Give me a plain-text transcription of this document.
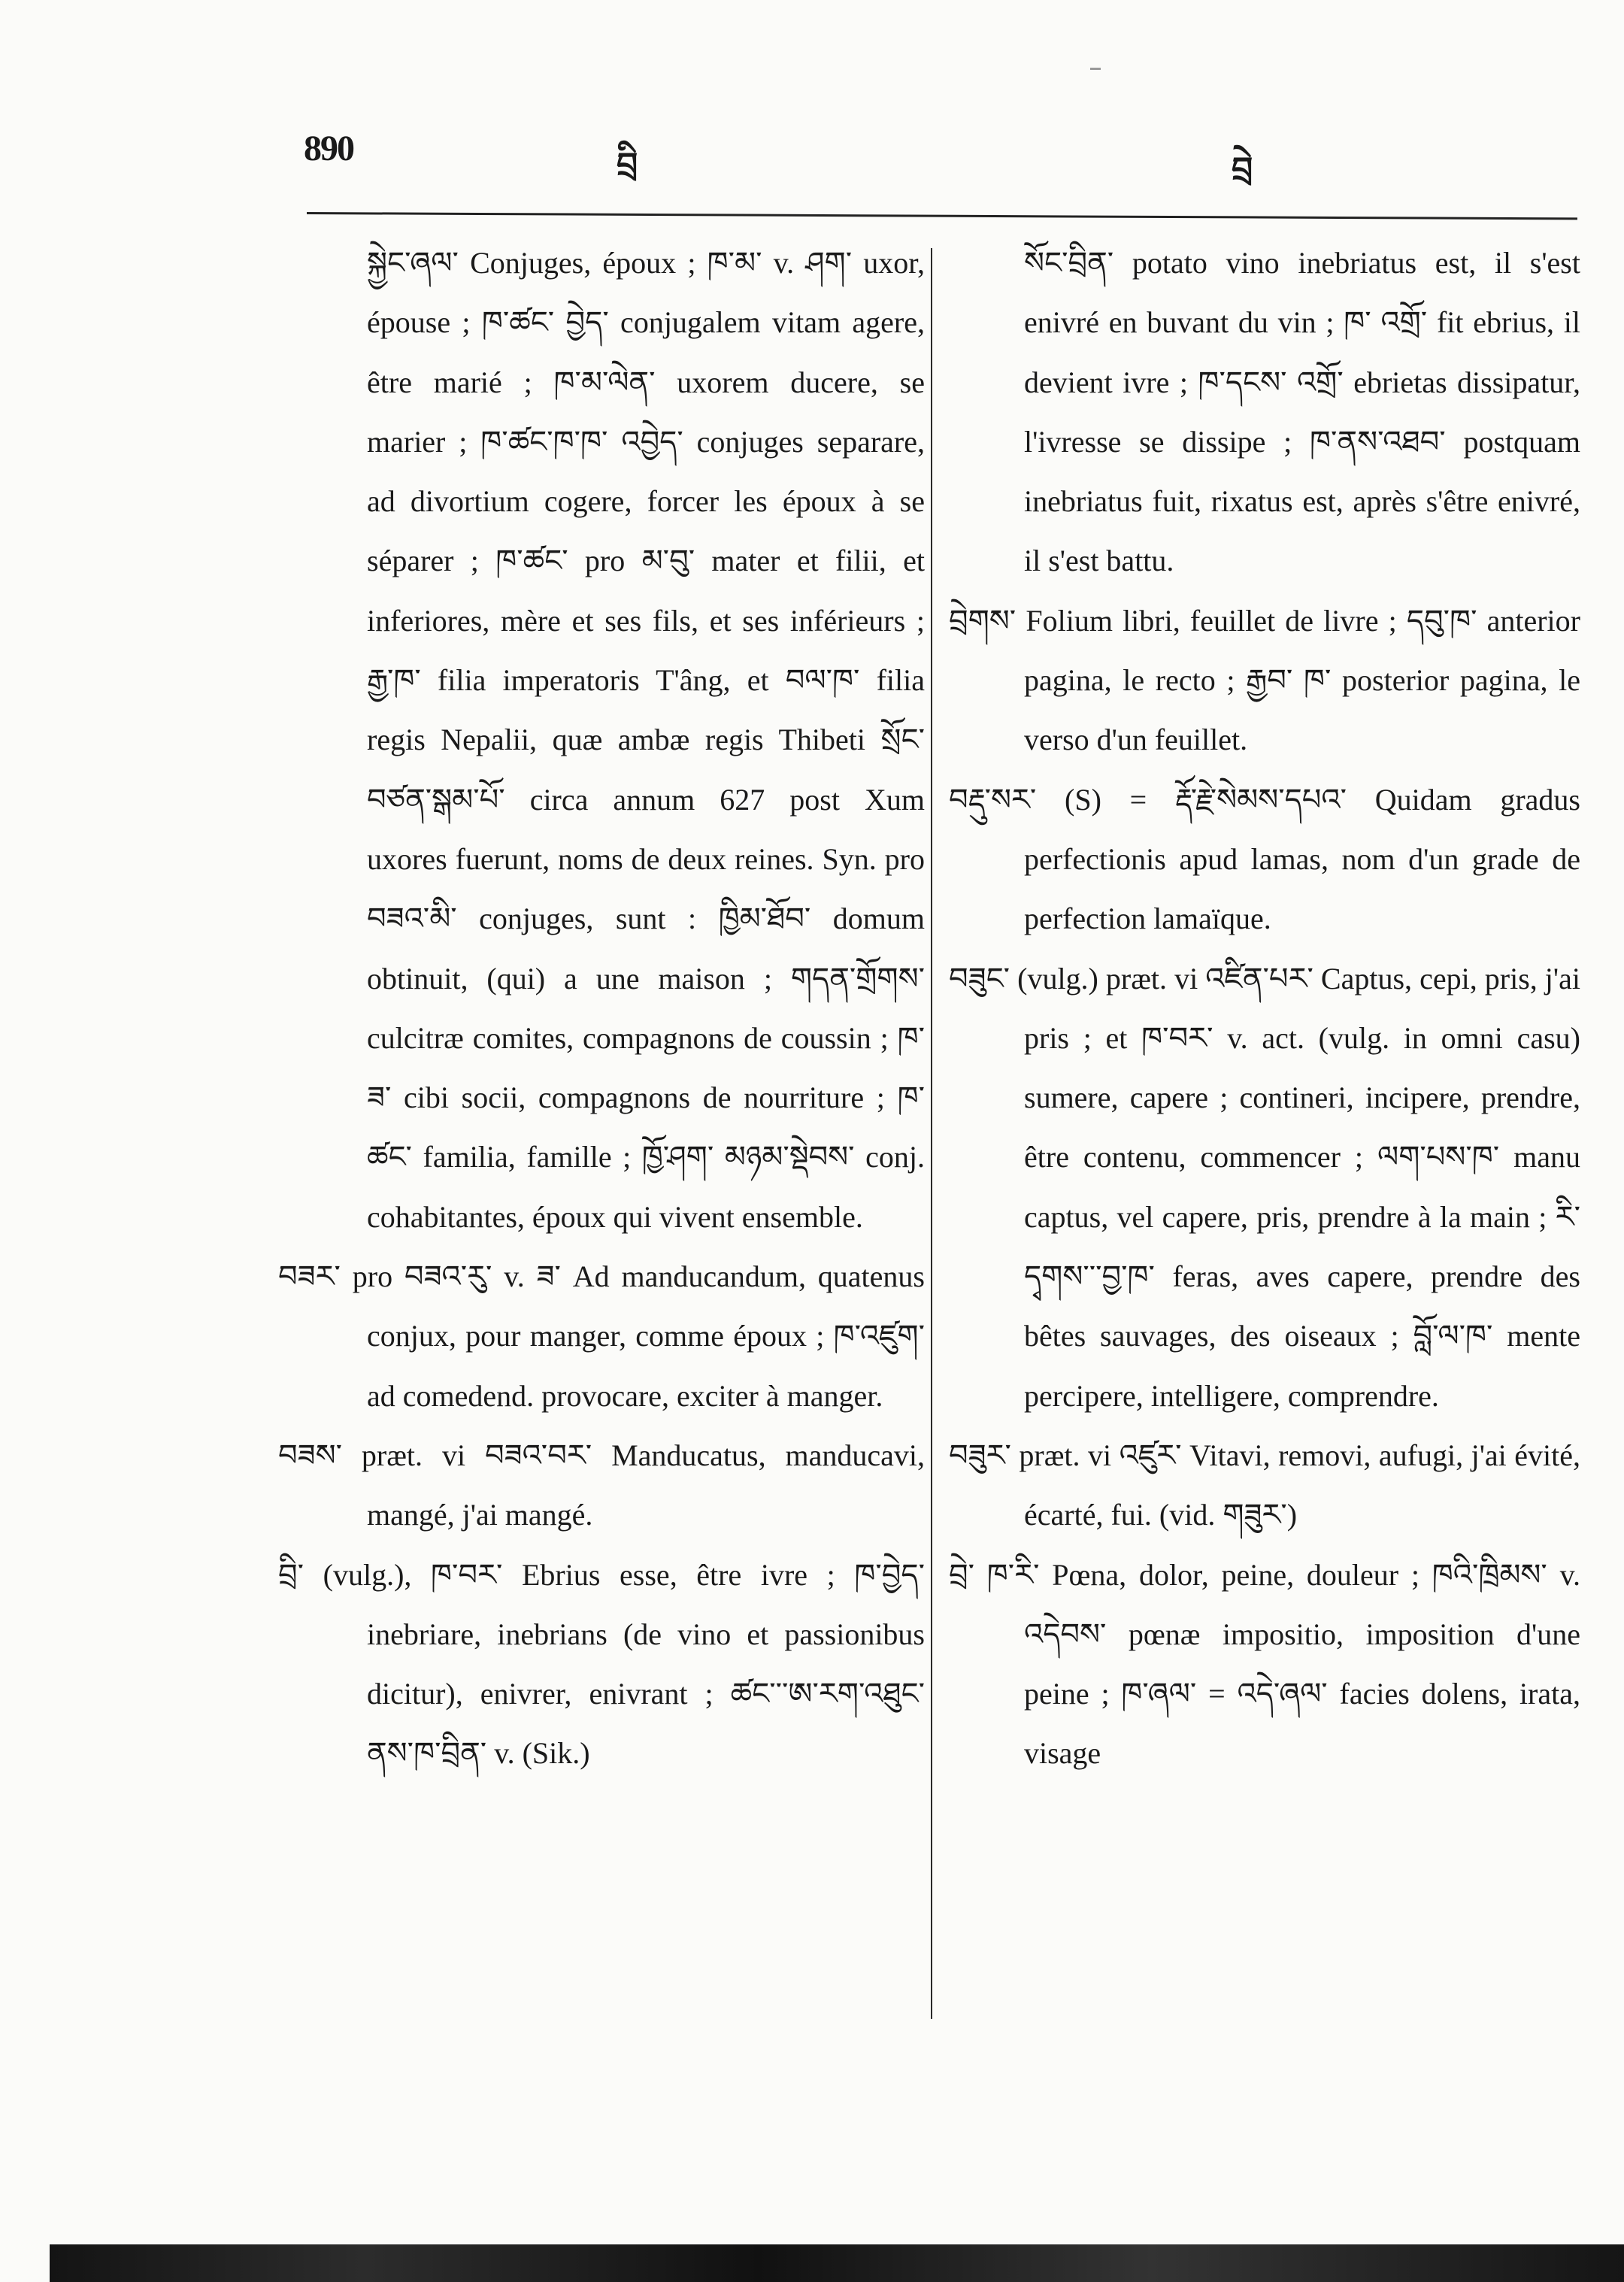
890	བྲི	བྲེ

སྐྱེང་ཞལ་ Conjuges, époux ; ཁ་མ་ v. ཤག་ uxor, épouse ; ཁ་ཚང་ བྱེད་ conjugalem vitam agere, être marié ; ཁ་མ་ལེན་ uxorem ducere, se marier ; ཁ་ཚང་ཁ་ཁ་ འབྱེད་ conjuges separare, ad divortium cogere, forcer les époux à se séparer ; ཁ་ཚང་ pro མ་བུ་ mater et filii, et inferiores, mère et ses fils, et ses inférieurs ; རྒྱ་ཁ་ filia imperatoris T'âng, et བལ་ཁ་ filia regis Nepalii, quæ ambæ regis Thibeti སྲོང་བཙན་སྒམ་པོ་ circa annum 627 post Xum uxores fuerunt, noms de deux reines. Syn. pro བཟའ་མི་ conjuges, sunt : ཁྱིམ་ཐོབ་ domum obtinuit, (qui) a une maison ; གདན་གྲོགས་ culcitræ comites, compagnons de coussin ; ཁ་ཟ་ cibi socii, compagnons de nourriture ; ཁ་ཚང་ familia, famille ; ཁྱོ་ཤག་ མཉམ་སྡེབས་ conj. cohabitantes, époux qui vivent ensemble.

བཟར་ pro བཟའ་རུ་ v. ཟ་ Ad manducandum, quatenus conjux, pour manger, comme époux ; ཁ་འཛུག་ ad comedend. provocare, exciter à manger.

བཟས་ præt. vi བཟའ་བར་ Manducatus, manducavi, mangé, j'ai mangé.

བྲི་ (vulg.), ཁ་བར་ Ebrius esse, être ivre ; ཁ་བྱེད་ inebriare, inebrians (de vino et passionibus dicitur), enivrer, enivrant ; ཚང་་་ཨ་རག་འཐུང་ནས་ཁ་བྲིན་ v. (Sik.)

སོང་བྲིན་ potato vino inebriatus est, il s'est enivré en buvant du vin ; ཁ་ འགྲོ་ fit ebrius, il devient ivre ; ཁ་དངས་ འགྲོ་ ebrietas dissipatur, l'ivresse se dissipe ; ཁ་ནས་འཐབ་ postquam inebriatus fuit, rixatus est, après s'être enivré, il s'est battu.

བྲེགས་ Folium libri, feuillet de livre ; དབུ་ཁ་ anterior pagina, le recto ; རྒྱབ་ ཁ་ posterior pagina, le verso d'un feuillet.

བརྡུ་སར་ (S) = རྡོ་རྗེ་སེམས་དཔའ་ Quidam gradus perfectionis apud lamas, nom d'un grade de perfection lamaïque.

བཟུང་ (vulg.) præt. vi འཛིན་པར་ Captus, cepi, pris, j'ai pris ; et ཁ་བར་ v. act. (vulg. in omni casu) sumere, capere ; contineri, incipere, prendre, être contenu, commencer ; ལག་པས་ཁ་ manu captus, vel capere, pris, prendre à la main ; རི་ དྭགས་་་བྱ་ཁ་ feras, aves capere, prendre des bêtes sauvages, des oiseaux ; བློ་ལ་ཁ་ mente percipere, intelligere, comprendre.

བཟུར་ præt. vi འཛུར་ Vitavi, removi, aufugi, j'ai évité, écarté, fui. (vid. གཟུར་)

བྲེ་ ཁ་རི་ Pœna, dolor, peine, douleur ; ཁའི་ཁྲིམས་ v. འདེབས་ pœnæ impositio, imposition d'une peine ; ཁ་ཞལ་ = འདེ་ཞལ་ facies dolens, irata, visage
